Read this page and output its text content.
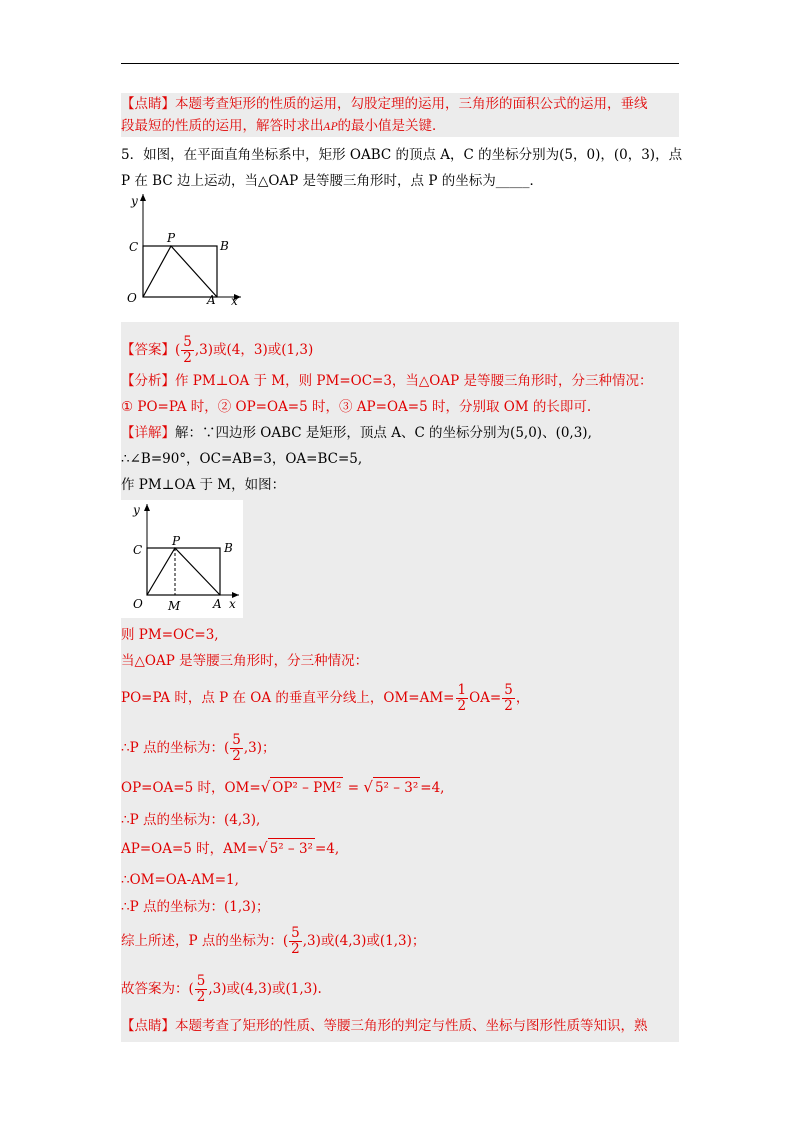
【点睛】本题考查矩形的性质的运用，勾股定理的运用，三角形的面积公式的运用，垂线
段最短的性质的运用，解答时求出AP的最小值是关键．
5．如图，在平面直角坐标系中，矩形 OABC 的顶点 A，C 的坐标分别为(5，0)，(0，3)，点
P 在 BC 边上运动，当△OAP 是等腰三角形时，点 P 的坐标为_____．
y
x
O	A
B
C
P
【答案】( $\frac{5}{2} ,3$)或(4，3)或(1,3)
【分析】作 PM⊥OA 于 M，则 PM=OC=3，当△OAP 是等腰三角形时，分三种情况：
① PO=PA 时，② OP=OA=5 时，③ AP=OA=5 时，分别取 OM 的长即可.
【详解】解：∵四边形 OABC 是矩形，顶点 A、C 的坐标分别为(5,0)、(0,3),
∴∠B=90°，OC=AB=3，OA=BC=5,
作 PM⊥OA 于 M，如图：
y
x
O M	A
B
C
P
则 PM=OC=3,
当△OAP 是等腰三角形时，分三种情况：
PO=PA 时，点 P 在 OA 的垂直平分线上，$OM=AM= \frac{1}{2} OA= \frac{5}{2}$ ，
∴P 点的坐标为：( $\frac{5}{2} ,3$)；
OP=OA=5 时，OM=√ OP² – PM² = √ 5² – 3² =4,
∴P 点的坐标为：(4,3),
AP=OA=5 时，AM=√ 5² – 3² =4,
∴OM=OA-AM=1,
∴P 点的坐标为：(1,3)；
综上所述，P 点的坐标为：( $\frac{5}{2} ,3$)或(4,3)或(1,3)；
故答案为：( $\frac{5}{2} ,3$)或(4,3)或(1,3).
【点睛】本题考查了矩形的性质、等腰三角形的判定与性质、坐标与图形性质等知识，熟
